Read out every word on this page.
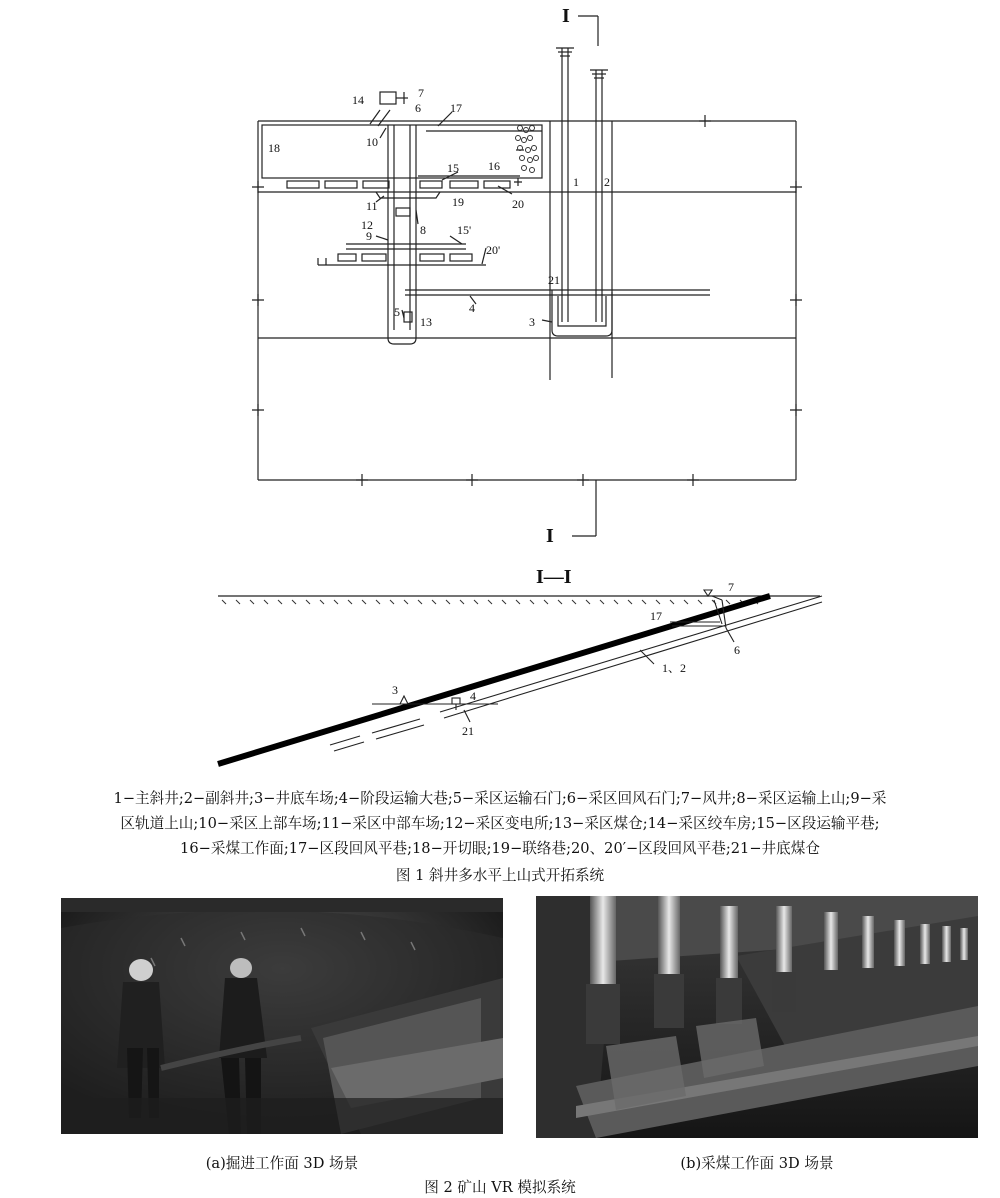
I
I
1 2
3
4
5
6
7
8
9
10
11
12
13
14
15
15'
16
17
18
19	20
20'
21
I—I	7
17
6
1、2
3	4
21
1−主斜井;2−副斜井;3−井底车场;4−阶段运输大巷;5−采区运输石门;6−采区回风石门;7−风井;8−采区运输上山;9−采
区轨道上山;10−采区上部车场;11−采区中部车场;12−采区变电所;13−采区煤仓;14−采区绞车房;15−区段运输平巷;
16−采煤工作面;17−区段回风平巷;18−开切眼;19−联络巷;20、20′−区段回风平巷;21−井底煤仓
图 1 斜井多水平上山式开拓系统
(a)掘进工作面 3D 场景	(b)采煤工作面 3D 场景
图 2 矿山 VR 模拟系统
